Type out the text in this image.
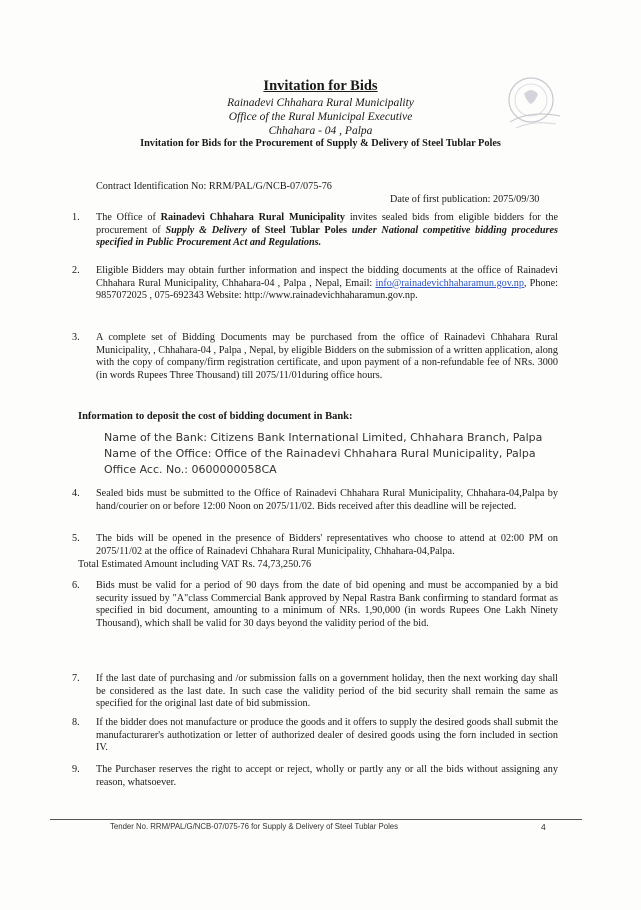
Invitation for Bids
Rainadevi Chhahara Rural Municipality
Office of the Rural Municipal Executive
Chhahara - 04 , Palpa
Invitation for Bids for the Procurement of Supply & Delivery of Steel Tublar Poles
Contract Identification No: RRM/PAL/G/NCB-07/075-76
Date of first publication: 2075/09/30
1.	The Office of Rainadevi Chhahara Rural Municipality invites sealed bids from eligible bidders for the procurement of Supply & Delivery of Steel Tublar Poles under National competitive bidding procedures specified in Public Procurement Act and Regulations.
2.	Eligible Bidders may obtain further information and inspect the bidding documents at the office of Rainadevi Chhahara Rural Municipality, Chhahara-04 , Palpa , Nepal, Email: info@rainadevichhaharamun.gov.np, Phone: 9857072025 , 075-692343 Website: http://www.rainadevichhaharamun.gov.np.
3.	A complete set of Bidding Documents may be purchased from the office of Rainadevi Chhahara Rural Municipality, , Chhahara-04 , Palpa , Nepal, by eligible Bidders on the submission of a written application, along with the copy of company/firm registration certificate, and upon payment of a non-refundable fee of NRs. 3000 (in words Rupees Three Thousand) till 2075/11/01during office hours.
Information to deposit the cost of bidding document in Bank:
Name of the Bank: Citizens Bank International Limited, Chhahara Branch, Palpa
Name of the Office: Office of the Rainadevi Chhahara Rural Municipality, Palpa
Office Acc. No.: 0600000058CA
4.	Sealed bids must be submitted to the Office of Rainadevi Chhahara Rural Municipality, Chhahara-04,Palpa by hand/courier on or before 12:00 Noon on 2075/11/02. Bids received after this deadline will be rejected.
5.	The bids will be opened in the presence of Bidders' representatives who choose to attend at 02:00 PM on 2075/11/02 at the office of Rainadevi Chhahara Rural Municipality, Chhahara-04,Palpa.
Total Estimated Amount including VAT Rs. 74,73,250.76
6.	Bids must be valid for a period of 90 days from the date of bid opening and must be accompanied by a bid security issued by "A"class Commercial Bank approved by Nepal Rastra Bank confirming to standard format as specified in bid document, amounting to a minimum of NRs. 1,90,000 (in words Rupees One Lakh Ninety Thousand), which shall be valid for 30 days beyond the validity period of the bid.
7.	If the last date of purchasing and /or submission falls on a government holiday, then the next working day shall be considered as the last date. In such case the validity period of the bid security shall remain the same as specified for the original last date of bid submission.
8.	If the bidder does not manufacture or produce the goods and it offers to supply the desired goods shall submit the manufacturarer's authotization or letter of authorized dealer of desired goods using the forn included in section IV.
9.	The Purchaser reserves the right to accept or reject, wholly or partly any or all the bids without assigning any reason, whatsoever.
Tender No. RRM/PAL/G/NCB-07/075-76 for Supply & Delivery of Steel Tublar Poles	4
